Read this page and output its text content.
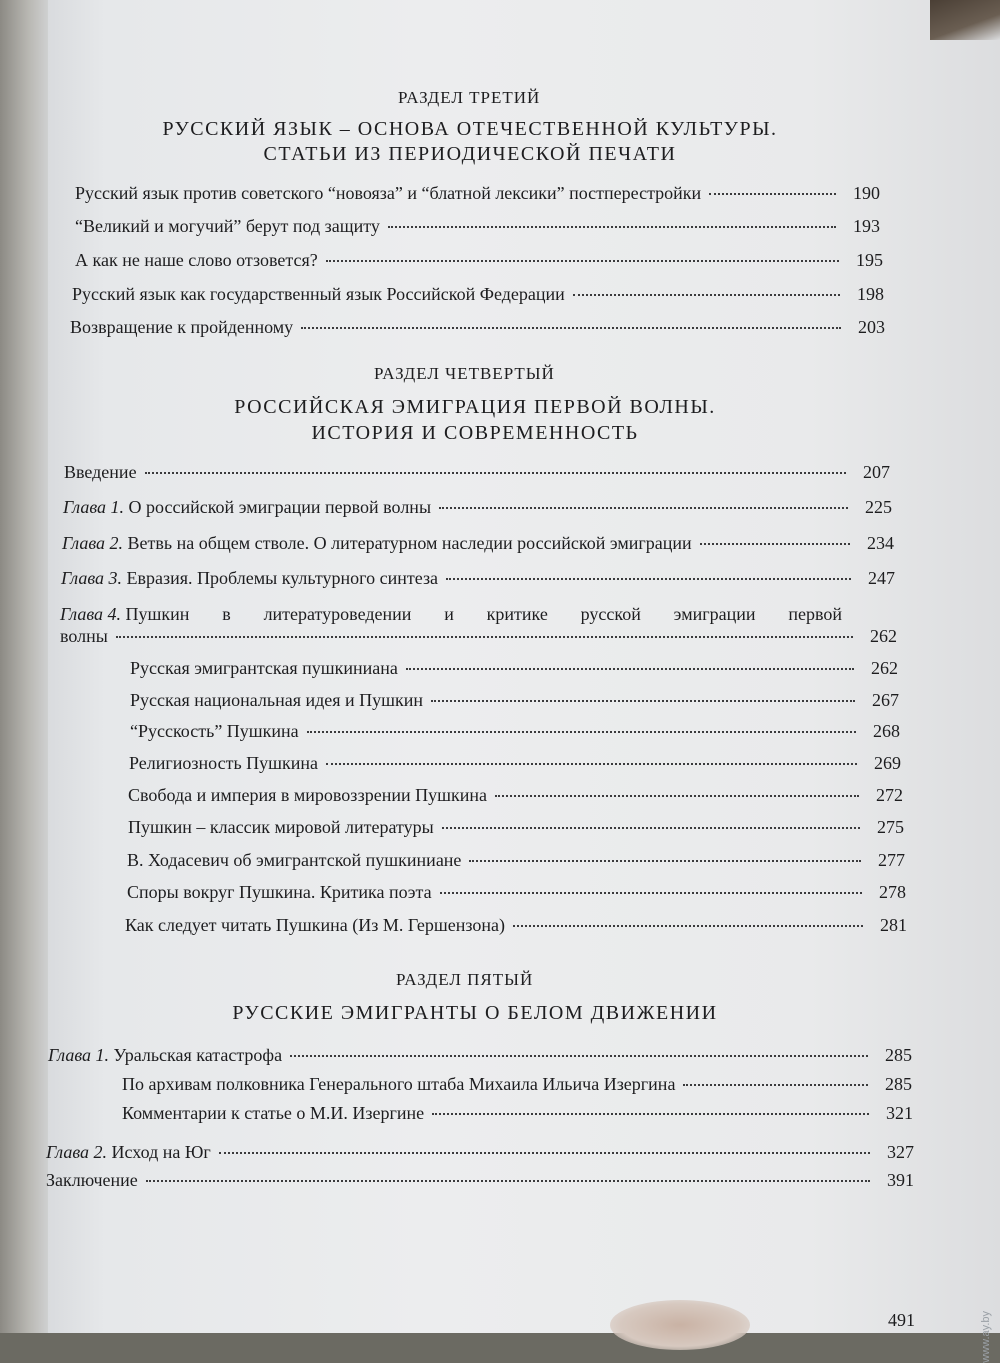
РАЗДЕЛ ТРЕТИЙ
РУССКИЙ ЯЗЫК – ОСНОВА ОТЕЧЕСТВЕННОЙ КУЛЬТУРЫ.
СТАТЬИ ИЗ ПЕРИОДИЧЕСКОЙ ПЕЧАТИ
Русский язык против советского “новояза” и “блатной лексики” постперестройки	190
“Великий и могучий” берут под защиту	193
А как не наше слово отзовется?	195
Русский язык как государственный язык Российской Федерации	198
Возвращение к пройденному	203
РАЗДЕЛ ЧЕТВЕРТЫЙ
РОССИЙСКАЯ ЭМИГРАЦИЯ ПЕРВОЙ ВОЛНЫ.
ИСТОРИЯ И СОВРЕМЕННОСТЬ
Введение	207
Глава 1. О российской эмиграции первой волны	225
Глава 2. Ветвь на общем стволе. О литературном наследии российской эмиграции	234
Глава 3. Евразия. Проблемы культурного синтеза	247
Глава 4.
Пушкин в литературоведении и критике русской эмиграции первой
волны	262
Русская эмигрантская пушкиниана	262
Русская национальная идея и Пушкин	267
“Русскость” Пушкина	268
Религиозность Пушкина	269
Свобода и империя в мировоззрении Пушкина	272
Пушкин – классик мировой литературы	275
В. Ходасевич об эмигрантской пушкиниане	277
Споры вокруг Пушкина. Критика поэта	278
Как следует читать Пушкина (Из М. Гершензона)	281
РАЗДЕЛ ПЯТЫЙ
РУССКИЕ ЭМИГРАНТЫ О БЕЛОМ ДВИЖЕНИИ
Глава 1. Уральская катастрофа	285
По архивам полковника Генерального штаба Михаила Ильича Изергина	285
Комментарии к статье о М.И. Изергине	321
Глава 2. Исход на Юг	327
Заключение	391
491	www.ay.by
